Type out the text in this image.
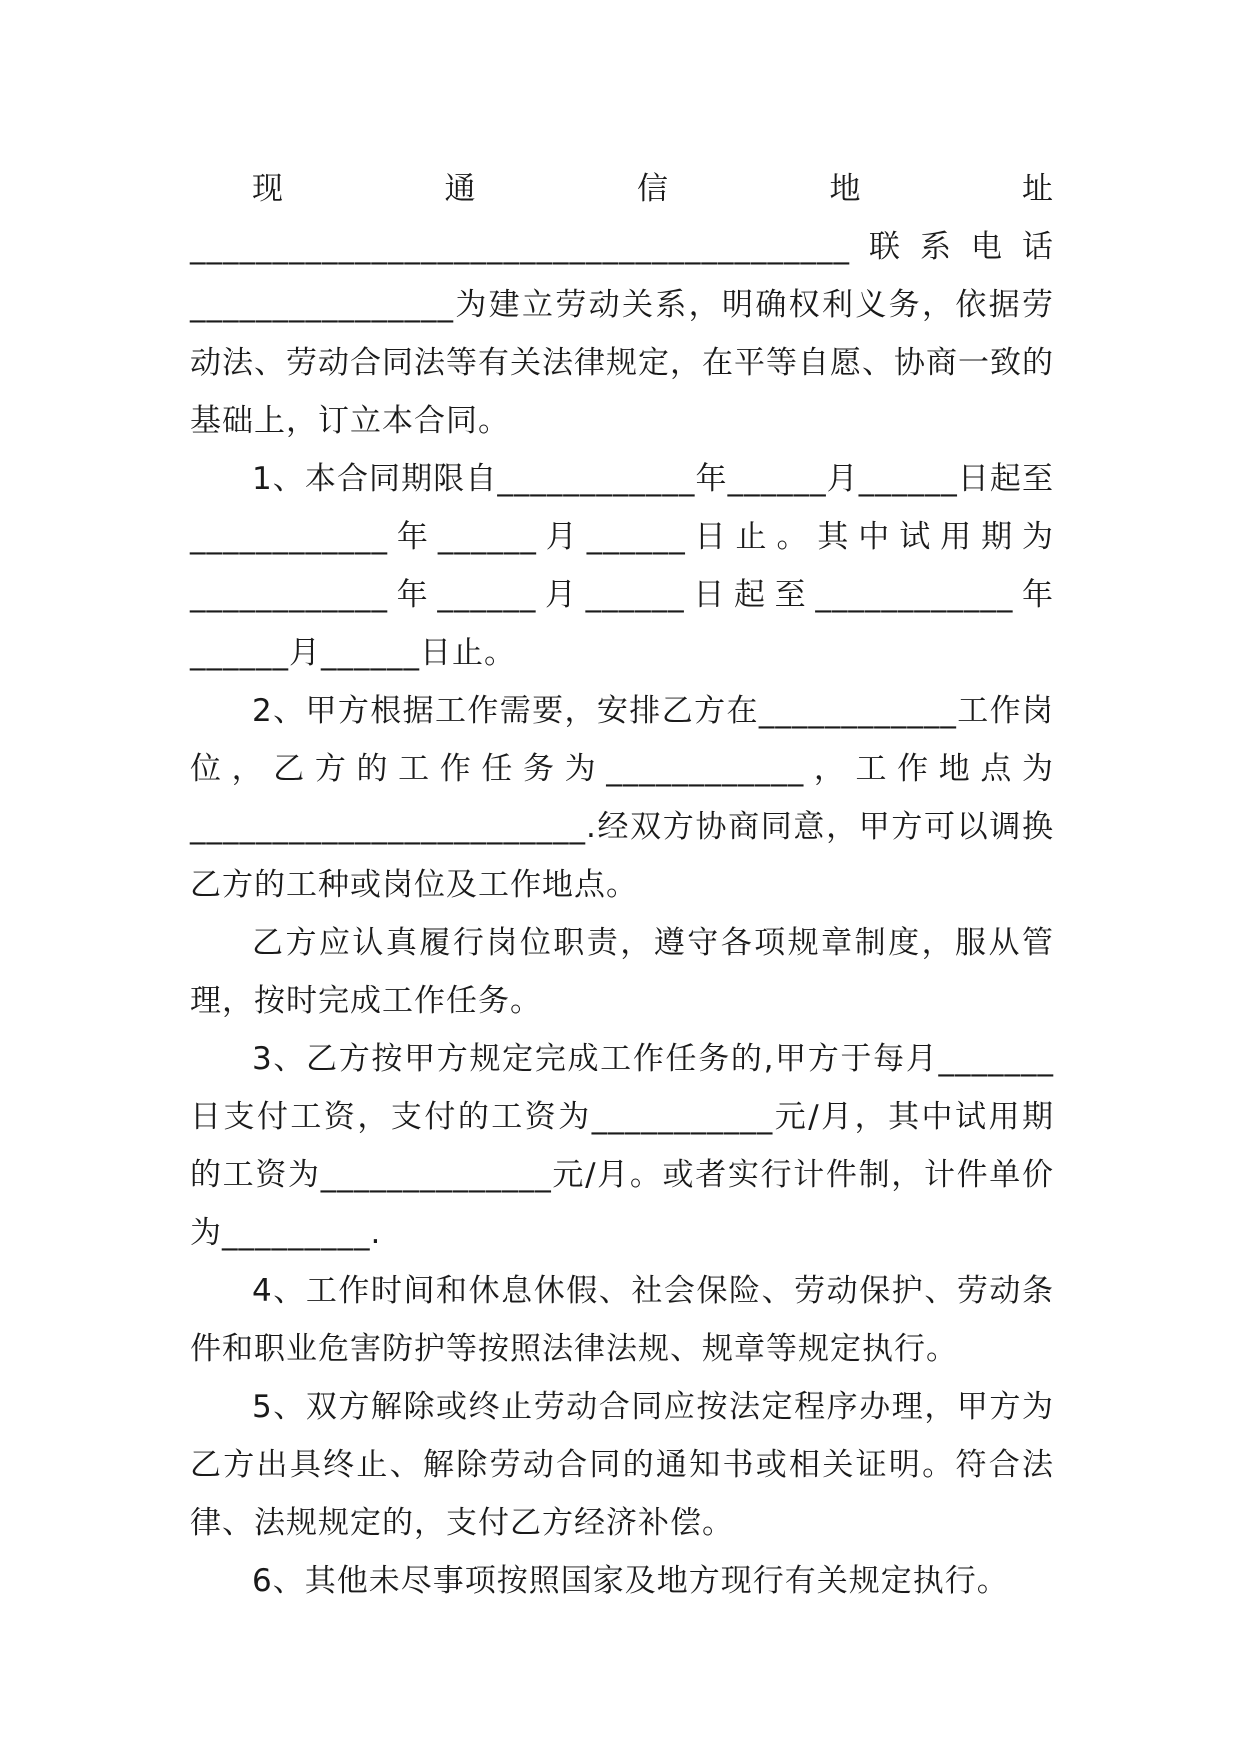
现通信地址________________________________________联系电话________________为建立劳动关系，明确权利义务，依据劳动法、劳动合同法等有关法律规定，在平等自愿、协商一致的基础上，订立本合同。

1、本合同期限自____________年______月______日起至____________年______月______日止。其中试用期为____________年______月______日起至____________年______月______日止。

2、甲方根据工作需要，安排乙方在____________工作岗位，乙方的工作任务为____________，工作地点为________________________.经双方协商同意，甲方可以调换乙方的工种或岗位及工作地点。

乙方应认真履行岗位职责，遵守各项规章制度，服从管理，按时完成工作任务。

3、乙方按甲方规定完成工作任务的,甲方于每月_______日支付工资，支付的工资为___________元/月，其中试用期的工资为______________元/月。或者实行计件制，计件单价为_________.

4、工作时间和休息休假、社会保险、劳动保护、劳动条件和职业危害防护等按照法律法规、规章等规定执行。

5、双方解除或终止劳动合同应按法定程序办理，甲方为乙方出具终止、解除劳动合同的通知书或相关证明。符合法律、法规规定的，支付乙方经济补偿。

6、其他未尽事项按照国家及地方现行有关规定执行。
